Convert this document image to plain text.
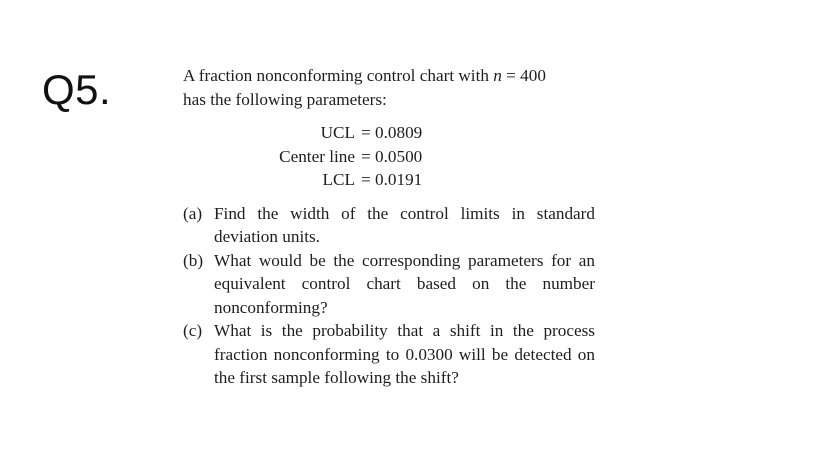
Q5.	A fraction nonconforming control chart with n = 400
has the following parameters:
UCL = 0.0809
Center line = 0.0500
LCL = 0.0191
(a) Find the width of the control limits in standard deviation units.
(b) What would be the corresponding parameters for an equivalent control chart based on the number nonconforming?
(c) What is the probability that a shift in the process fraction nonconforming to 0.0300 will be detected on the first sample following the shift?
